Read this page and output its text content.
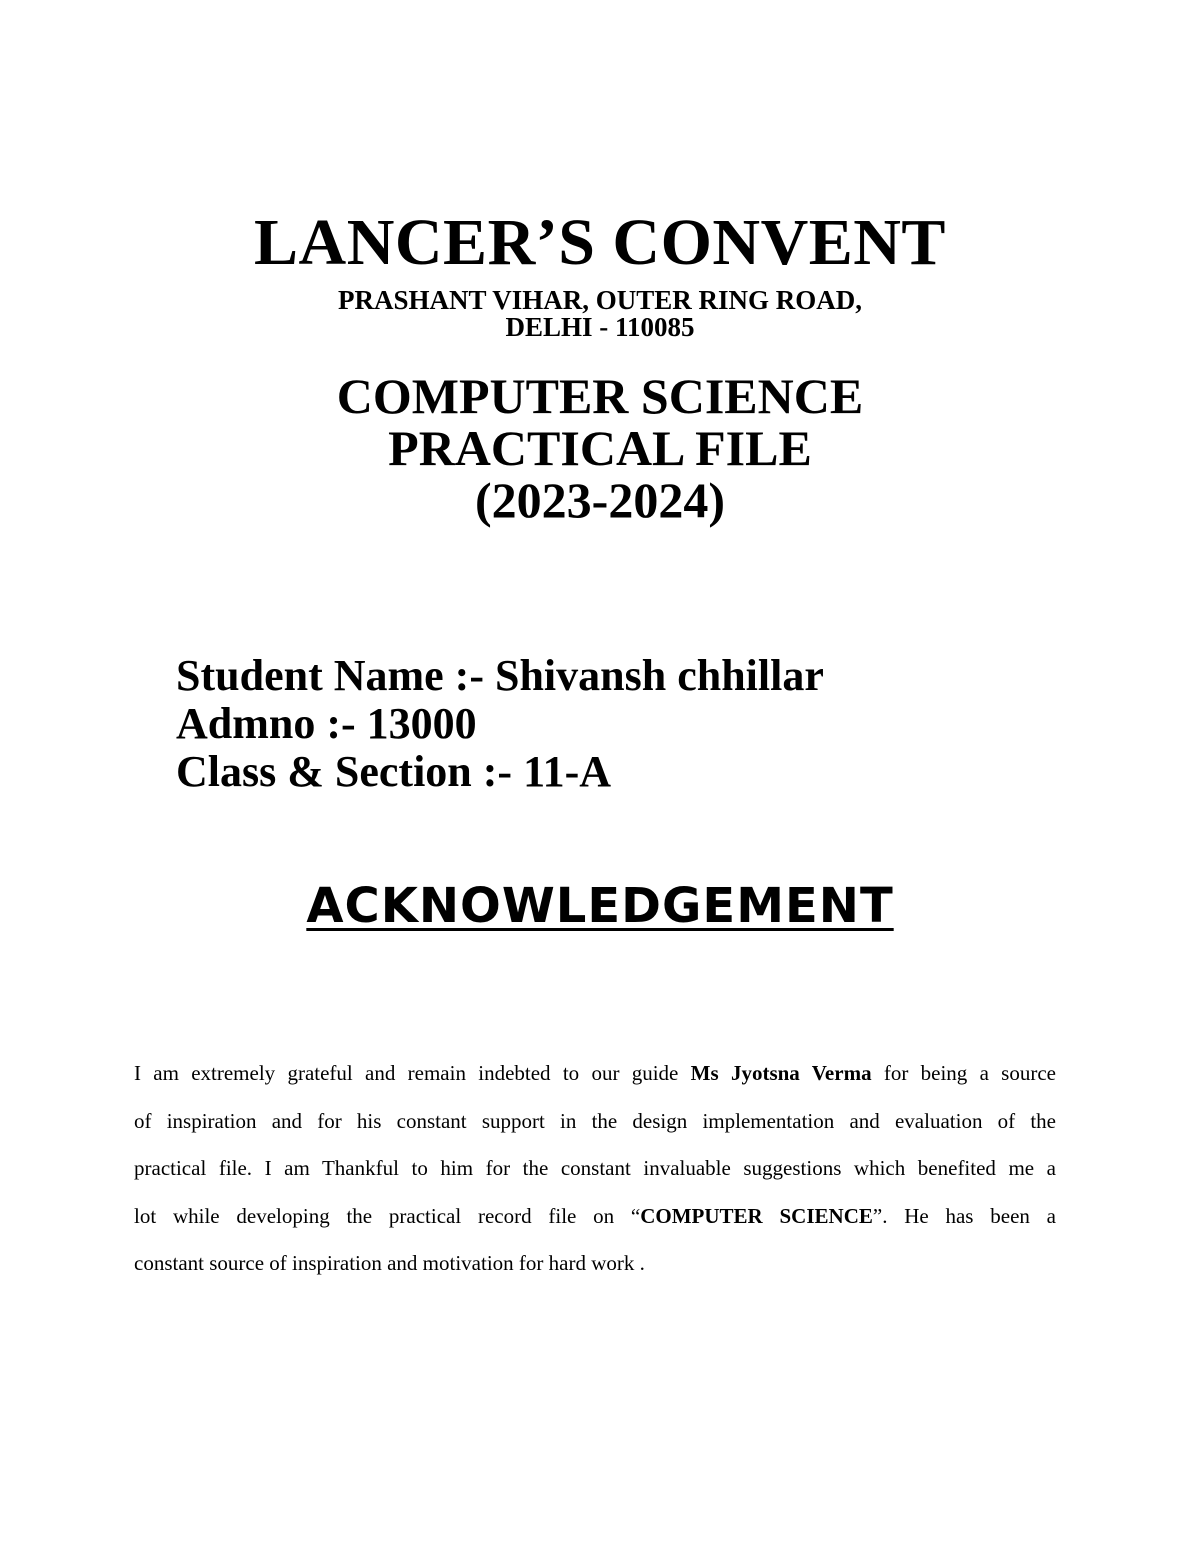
LANCER’S CONVENT
PRASHANT VIHAR, OUTER RING ROAD,
DELHI - 110085
COMPUTER SCIENCE
PRACTICAL FILE
(2023-2024)
Student Name :- Shivansh chhillar
Admno :- 13000
Class & Section :- 11-A
ACKNOWLEDGEMENT
I am extremely grateful and remain indebted to our guide Ms Jyotsna Verma for being a source
of inspiration and for his constant support in the design implementation and evaluation of the
practical file. I am Thankful to him for the constant invaluable suggestions which benefited me a
lot while developing the practical record file on “COMPUTER SCIENCE”. He has been a
constant source of inspiration and motivation for hard work .
